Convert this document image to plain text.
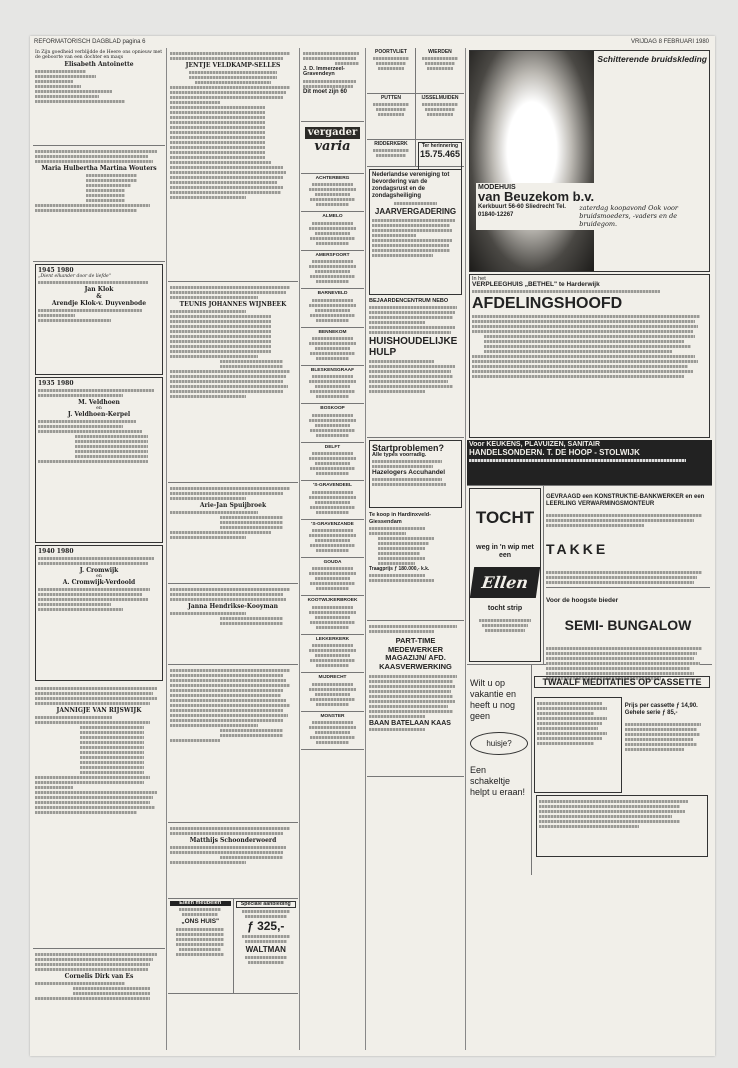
REFORMATORISCH DAGBLAD pagina 6	VRIJDAG 8 FEBRUARI 1980

In Zijn goedheid verblijdde de Heere ons opnieuw met de geboorte van een dochter en maqs

Elisabeth Antoinette

Maria Hulbertha Martina Wouters

1945 1980

„Dient elkander door de liefde"

Jan Klok

&

Arendje Klok-v. Duyvenbode

1935 1980

M. Veldhoen

en

J. Veldhoen-Kerpel

1940 1980

J. Cromwijk

en

A. Cromwijk-Verdoold

JANNIGJE VAN RIJSWIJK

Cornelis Dirk van Es

JENTJE VELDKAMP-SELLES

TEUNIS JOHANNES WIJNBEEK

Arie-Jan Spuijbroek

Janna Hendrikse-Kooyman

Matthijs Schoonderwoerd

Eiken meubelen

„ONS HUIS"

Speciale aanbieding

ƒ 325,-

WALTMAN

J. D. Immerzeel-Gravendeyn

Dit moet zijn 60

vergader
varia

ACHTERBERG

ALMELO

AMERSFOORT

BARNEVELD

BENNEKOM

BLESKENSGRAAF

BOSKOOP

DELFT

'S-GRAVENDEEL

'S-GRAVENZANDE

GOUDA

KOOTWIJKERBROEK

LEKKERKERK

MIJDRECHT

MONSTER

POORTVLIET

PUTTEN

RIDDERKERK

WIERDEN

IJSSELMUIDEN

Ter herinnering

15.75.465

Nederlandse vereniging tot bevordering van de zondagsrust en de zondagsheiliging

JAARVERGADERING

BEJAARDENCENTRUM NEBO

HUISHOUDELIJKE HULP

Startproblemen?

Alle types voorradig.

Hazelogers Accuhandel

Te koop in Hardinxveld-Giessendam

Traagprijs ƒ 180.000,- k.k.

PART-TIME MEDEWERKER MAGAZIJN/ AFD. KAASVERWERKING

BAAN BATELAAN KAAS

Schitterende bruidskleding

MODEHUIS

van Beuzekom b.v.

Kerkbuurt 56-60 Sliedrecht Tel. 01840-12267

zaterdag koopavond Ook voor bruidsmoeders, -vaders en de bruidegom.

In het

VERPLEEGHUIS „BETHEL" te Harderwijk

AFDELINGSHOOFD

Voor KEUKENS, PLAVUIZEN, SANITAIR

HANDELSONDERN. T. DE HOOP - STOLWIJK

TOCHT

weg in 'n wip met een

Ellen

tocht strip

GEVRAAGD een KONSTRUKTIE-BANKWERKER en een LEERLING VERWARMINGSMONTEUR

TAKKE

Voor de hoogste bieder

SEMI- BUNGALOW

Wilt u op vakantie en heeft u nog geen

huisje?

Een schakeltje helpt u eraan!

TWAALF MEDITATIES OP CASSETTE

Prijs per cassette ƒ 14,90. Gehele serie ƒ 85,-
